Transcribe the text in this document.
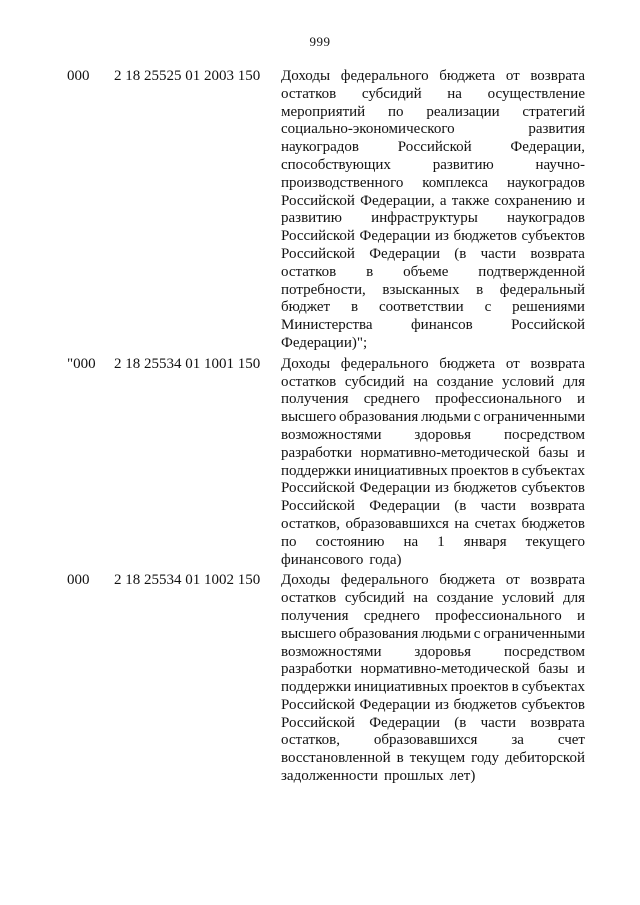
999
000 2 18 25525 01 2003 150 Доходы федерального бюджета от возврата
остатков субсидий на осуществление
мероприятий по реализации стратегий
социально-экономического	развития
наукоградов	Российской	Федерации,
способствующих	развитию	научно-
производственного комплекса наукоградов
Российской Федерации, а также сохранению и
развитию инфраструктуры наукоградов
Российской Федерации из бюджетов субъектов
Российской Федерации (в части возврата
остатков в объеме подтвержденной
потребности, взысканных в федеральный
бюджет в соответствии с решениями
Министерства	финансов	Российской
Федерации)";
"000 2 18 25534 01 1001 150 Доходы федерального бюджета от возврата
остатков субсидий на создание условий для
получения среднего профессионального и
высшего образования людьми с ограниченными
возможностями здоровья посредством
разработки нормативно-методической базы и
поддержки инициативных проектов в субъектах
Российской Федерации из бюджетов субъектов
Российской Федерации (в части возврата
остатков, образовавшихся на счетах бюджетов
по состоянию на 1 января текущего
финансового года)
000 2 18 25534 01 1002 150 Доходы федерального бюджета от возврата
остатков субсидий на создание условий для
получения среднего профессионального и
высшего образования людьми с ограниченными
возможностями здоровья посредством
разработки нормативно-методической базы и
поддержки инициативных проектов в субъектах
Российской Федерации из бюджетов субъектов
Российской Федерации (в части возврата
остатков, образовавшихся за счет
восстановленной в текущем году дебиторской
задолженности прошлых лет)
